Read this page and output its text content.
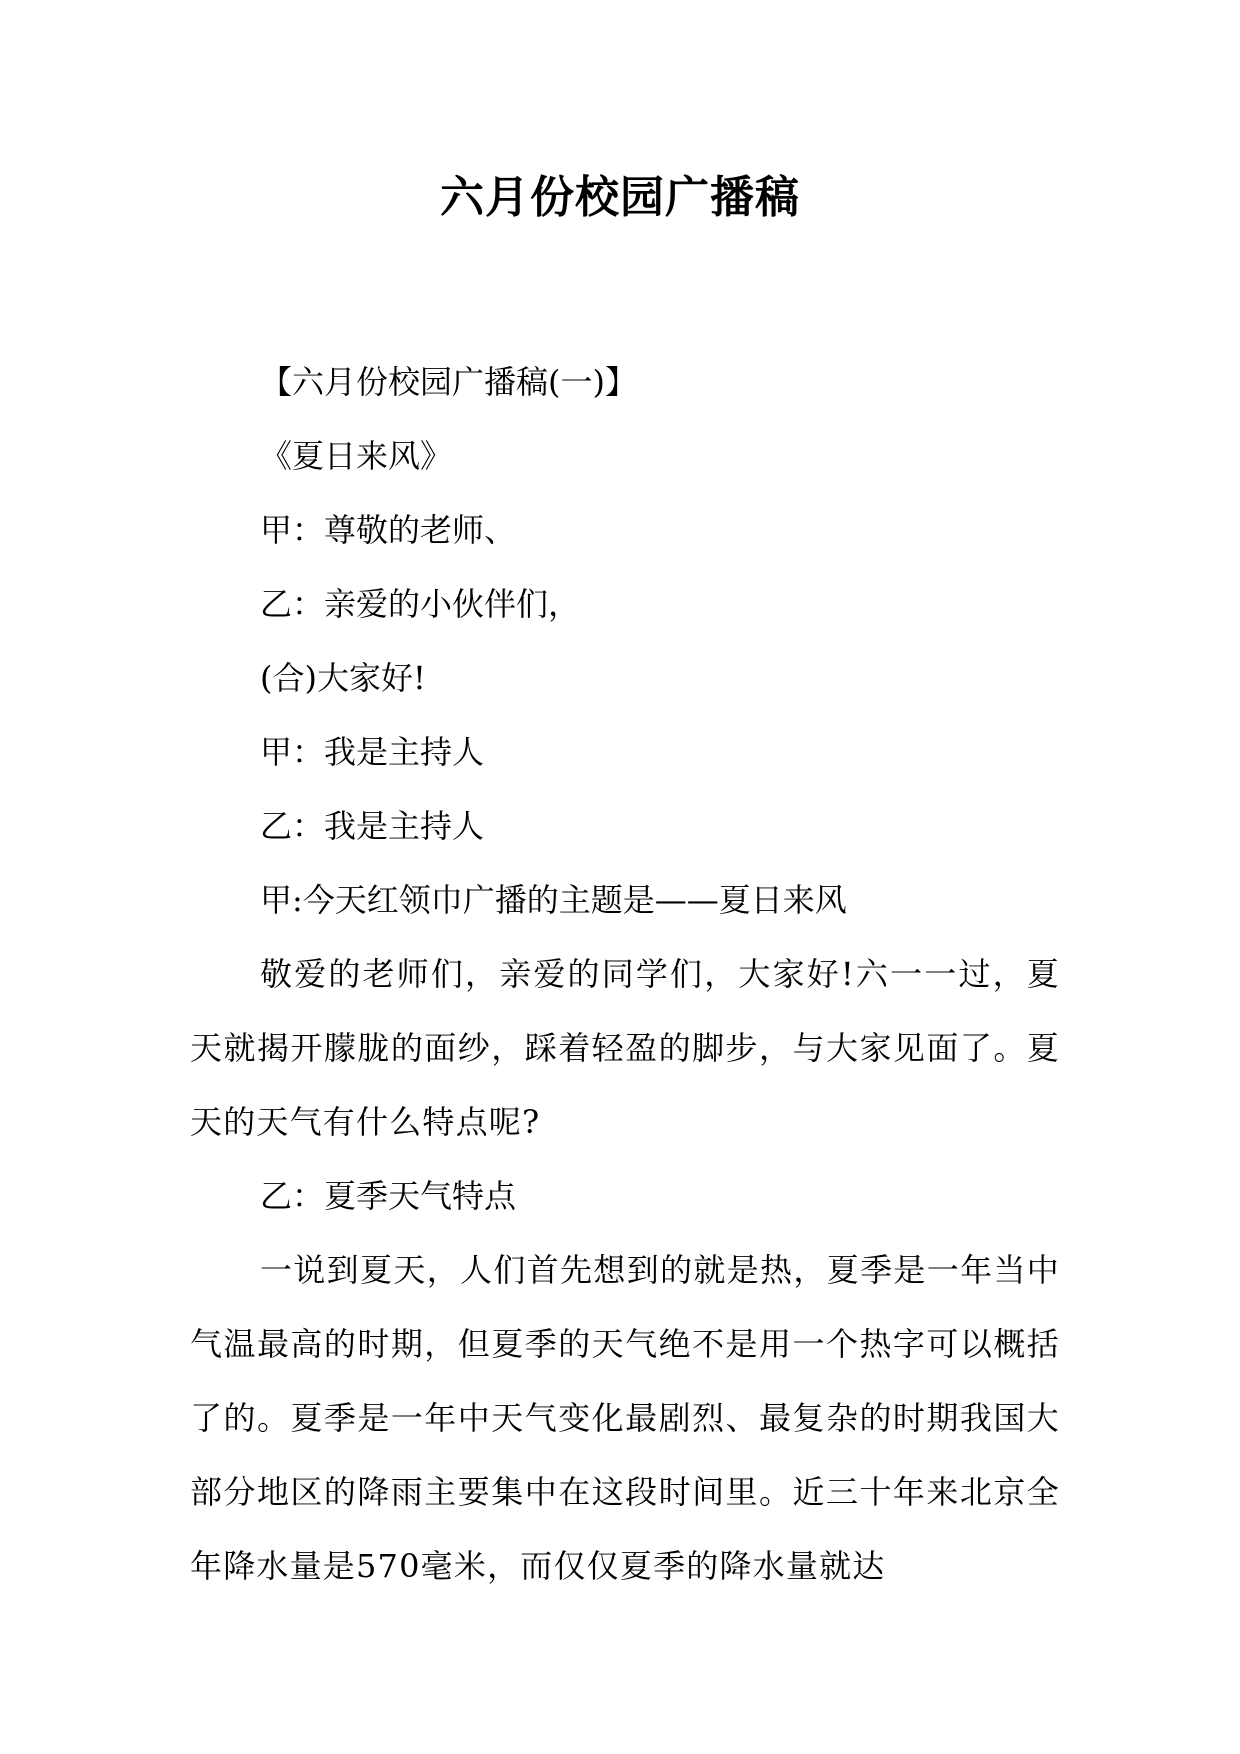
六月份校园广播稿
【六月份校园广播稿(一)】
《夏日来风》
甲：尊敬的老师、
乙：亲爱的小伙伴们，
(合)大家好!
甲：我是主持人
乙：我是主持人
甲:今天红领巾广播的主题是——夏日来风

敬爱的老师们，亲爱的同学们，大家好!六一一过，夏天就揭开朦胧的面纱，踩着轻盈的脚步，与大家见面了。夏天的天气有什么特点呢?

乙：夏季天气特点

一说到夏天，人们首先想到的就是热，夏季是一年当中气温最高的时期，但夏季的天气绝不是用一个热字可以概括了的。夏季是一年中天气变化最剧烈、最复杂的时期我国大部分地区的降雨主要集中在这段时间里。近三十年来北京全年降水量是570毫米，而仅仅夏季的降水量就达
